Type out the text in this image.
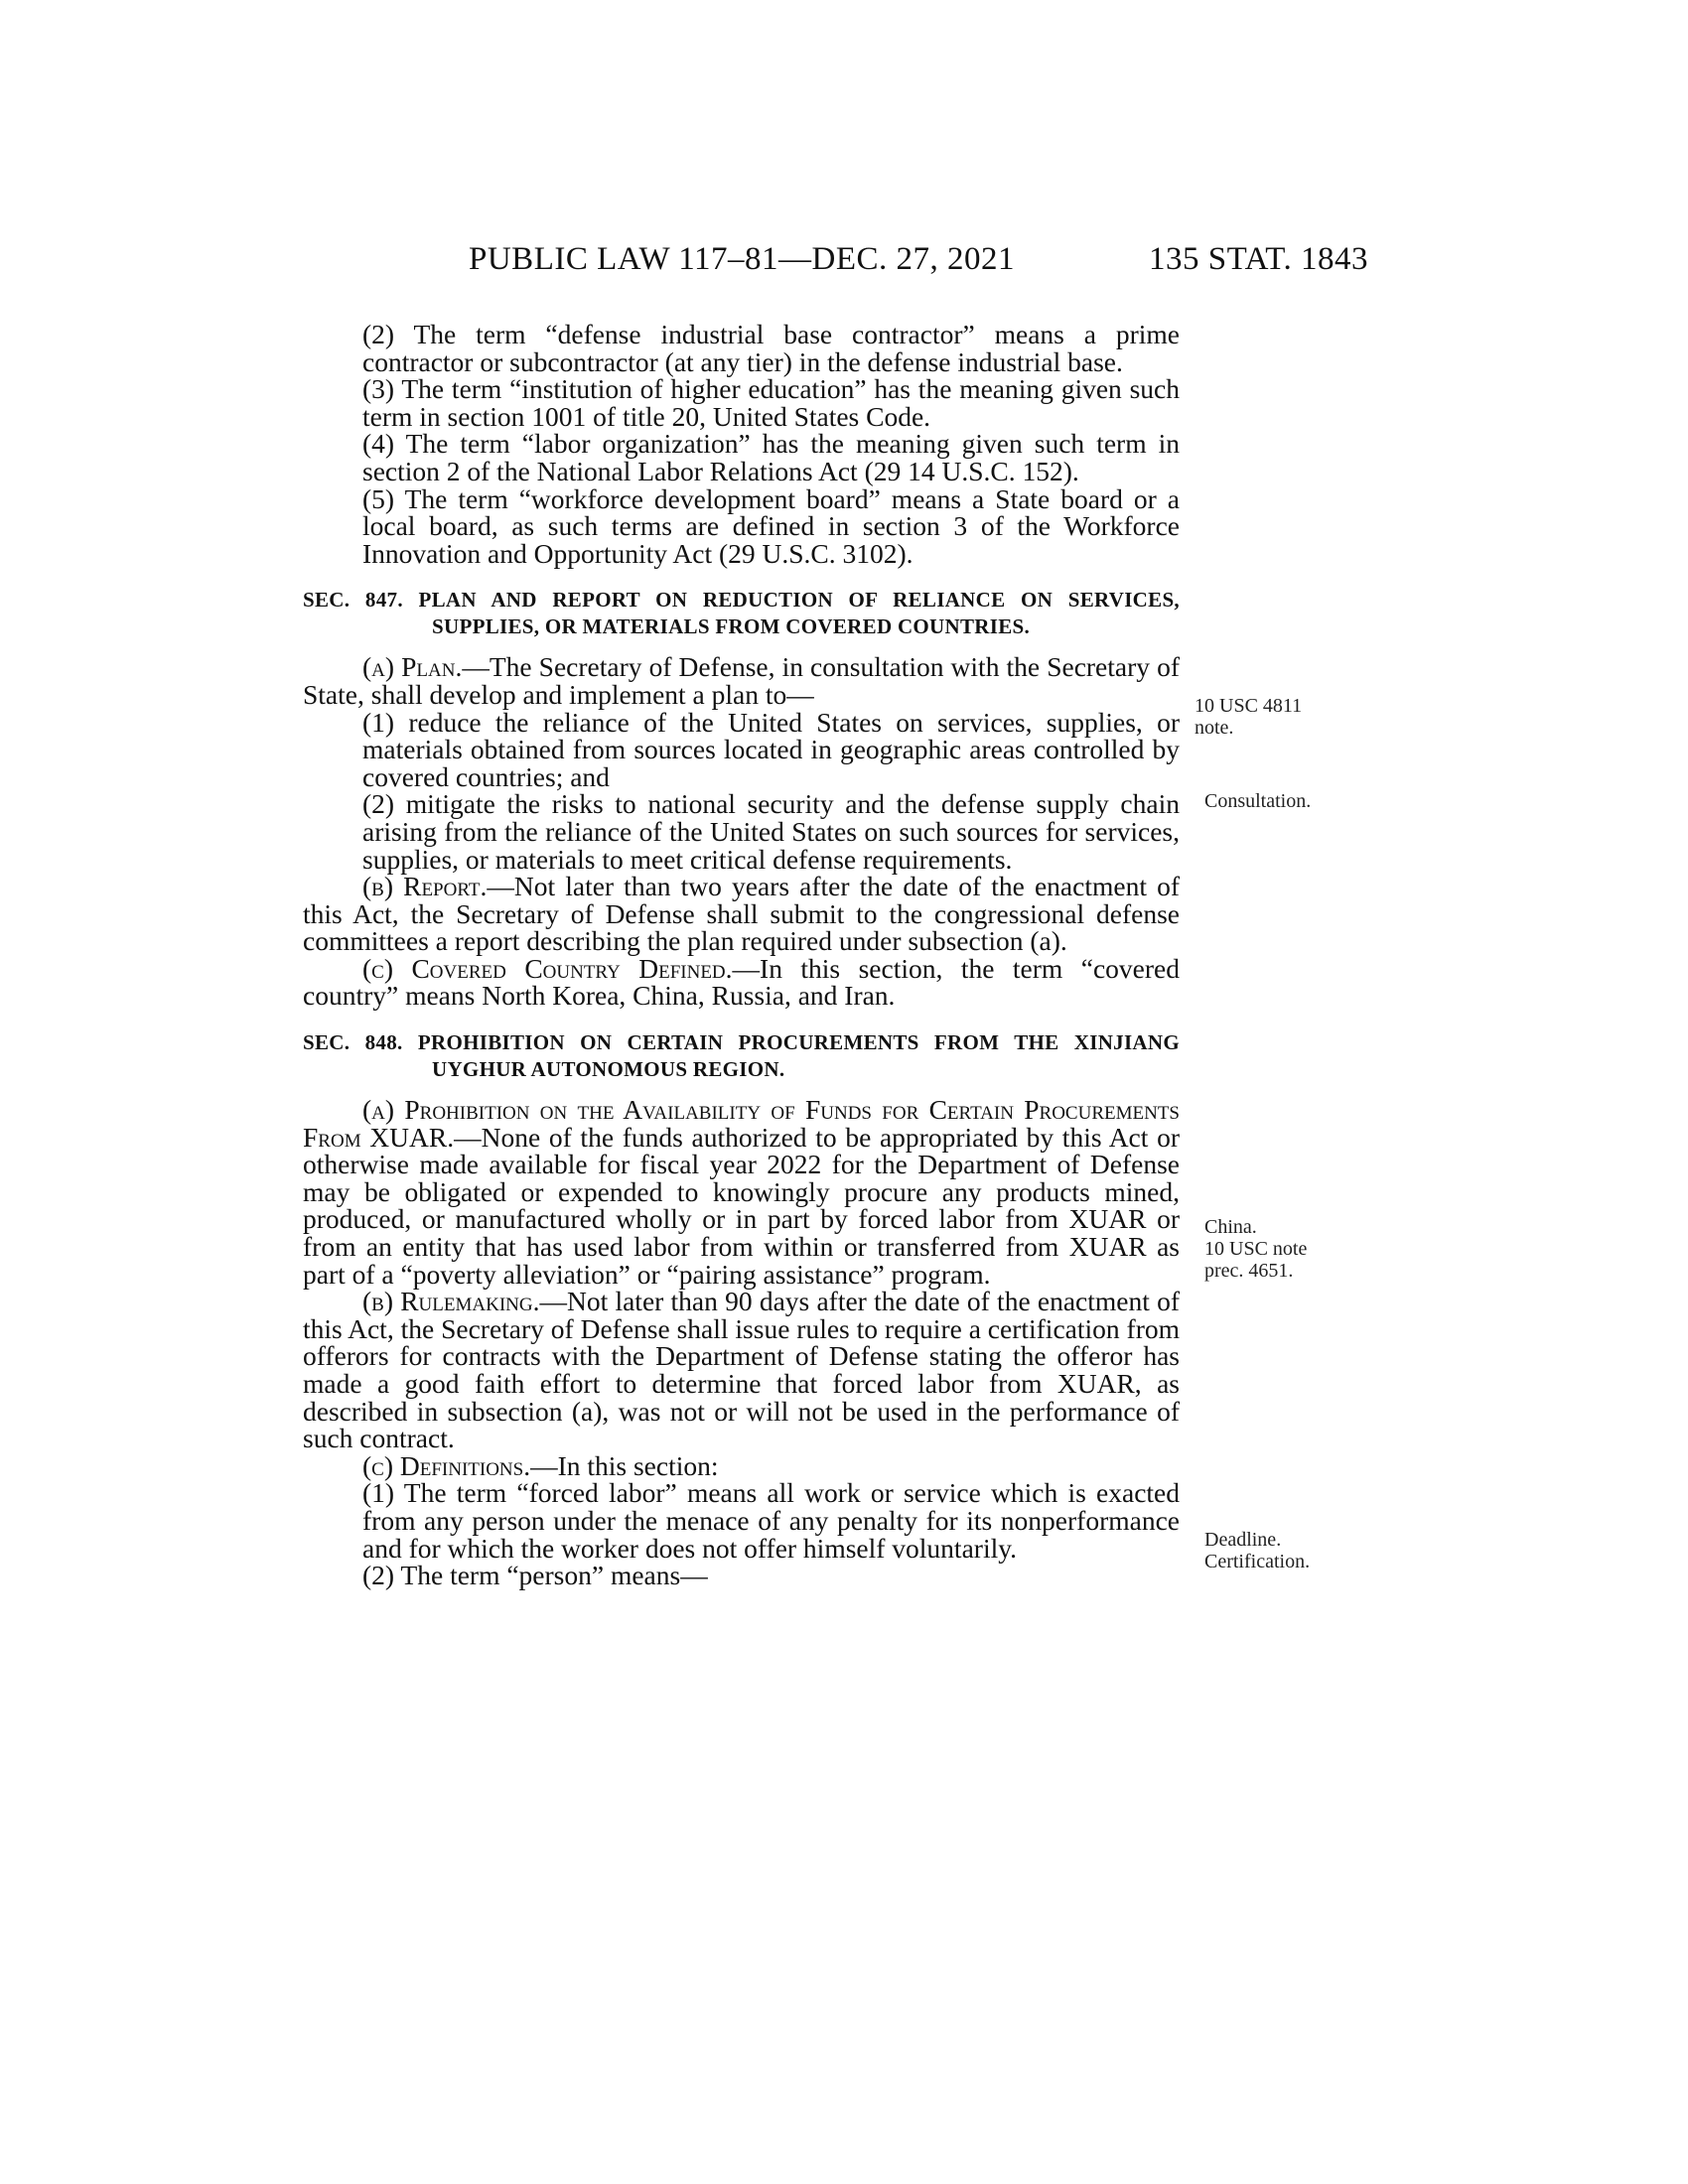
PUBLIC LAW 117–81—DEC. 27, 2021	135 STAT. 1843

(2) The term “defense industrial base contractor” means a prime contractor or subcontractor (at any tier) in the defense industrial base.

(3) The term “institution of higher education” has the meaning given such term in section 1001 of title 20, United States Code.

(4) The term “labor organization” has the meaning given such term in section 2 of the National Labor Relations Act (29 14 U.S.C. 152).

(5) The term “workforce development board” means a State board or a local board, as such terms are defined in section 3 of the Workforce Innovation and Opportunity Act (29 U.S.C. 3102).

SEC. 847. PLAN AND REPORT ON REDUCTION OF RELIANCE ON SERVICES, SUPPLIES, OR MATERIALS FROM COVERED COUNTRIES.

(a) Plan.—The Secretary of Defense, in consultation with the Secretary of State, shall develop and implement a plan to—

(1) reduce the reliance of the United States on services, supplies, or materials obtained from sources located in geographic areas controlled by covered countries; and

(2) mitigate the risks to national security and the defense supply chain arising from the reliance of the United States on such sources for services, supplies, or materials to meet critical defense requirements.

(b) Report.—Not later than two years after the date of the enactment of this Act, the Secretary of Defense shall submit to the congressional defense committees a report describing the plan required under subsection (a).

(c) Covered Country Defined.—In this section, the term “covered country” means North Korea, China, Russia, and Iran.

SEC. 848. PROHIBITION ON CERTAIN PROCUREMENTS FROM THE XINJIANG UYGHUR AUTONOMOUS REGION.

(a) Prohibition on the Availability of Funds for Certain Procurements From XUAR.—None of the funds authorized to be appropriated by this Act or otherwise made available for fiscal year 2022 for the Department of Defense may be obligated or expended to knowingly procure any products mined, produced, or manufactured wholly or in part by forced labor from XUAR or from an entity that has used labor from within or transferred from XUAR as part of a “poverty alleviation” or “pairing assistance” program.

(b) Rulemaking.—Not later than 90 days after the date of the enactment of this Act, the Secretary of Defense shall issue rules to require a certification from offerors for contracts with the Department of Defense stating the offeror has made a good faith effort to determine that forced labor from XUAR, as described in subsection (a), was not or will not be used in the performance of such contract.

(c) Definitions.—In this section:

(1) The term “forced labor” means all work or service which is exacted from any person under the menace of any penalty for its nonperformance and for which the worker does not offer himself voluntarily.

(2) The term “person” means—

10 USC 4811
note.
Consultation.
China.
10 USC note
prec. 4651.
Deadline.
Certification.
